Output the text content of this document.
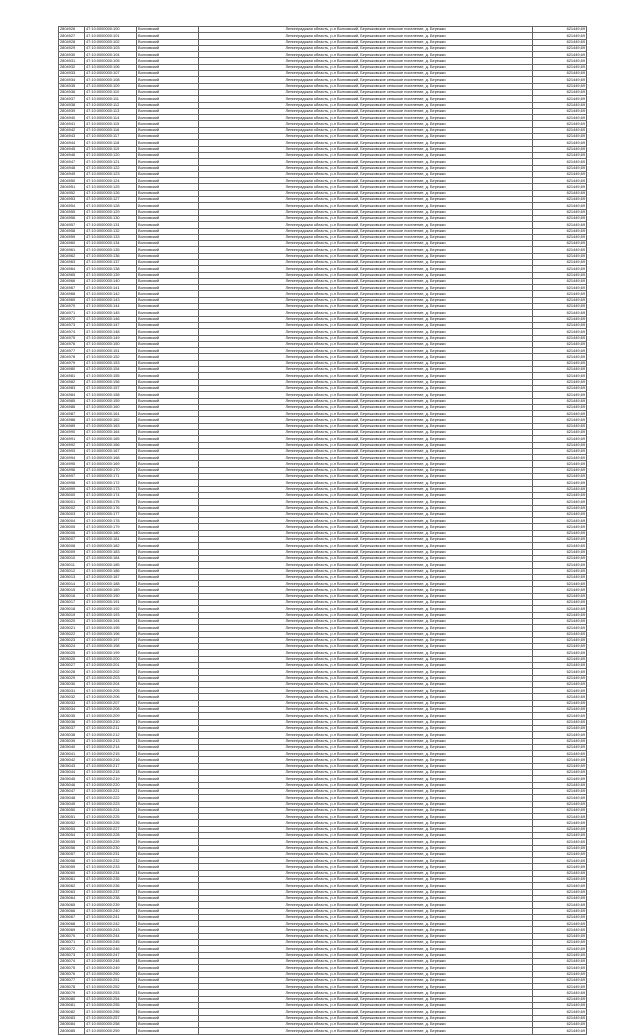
2804926	47:10:0000000:100	Волховский	Ленинградская область, р-н Волховский, Бережковское сельское поселение, д. Бережки	621449,69
2804927	47:10:0000000:101	Волховский	Ленинградская область, р-н Волховский, Бережковское сельское поселение, д. Бережки	621449,69
2804928	47:10:0000000:102	Волховский	Ленинградская область, р-н Волховский, Бережковское сельское поселение, д. Бережки	621449,69
2804929	47:10:0000000:103	Волховский	Ленинградская область, р-н Волховский, Бережковское сельское поселение, д. Бережки	621449,69
2804930	47:10:0000000:104	Волховский	Ленинградская область, р-н Волховский, Бережковское сельское поселение, д. Бережки	621449,69
2804931	47:10:0000000:105	Волховский	Ленинградская область, р-н Волховский, Бережковское сельское поселение, д. Бережки	621449,69
2804932	47:10:0000000:106	Волховский	Ленинградская область, р-н Волховский, Бережковское сельское поселение, д. Бережки	621449,69
2804933	47:10:0000000:107	Волховский	Ленинградская область, р-н Волховский, Бережковское сельское поселение, д. Бережки	621449,69
2804934	47:10:0000000:108	Волховский	Ленинградская область, р-н Волховский, Бережковское сельское поселение, д. Бережки	621449,69
2804935	47:10:0000000:109	Волховский	Ленинградская область, р-н Волховский, Бережковское сельское поселение, д. Бережки	621449,69
2804936	47:10:0000000:110	Волховский	Ленинградская область, р-н Волховский, Бережковское сельское поселение, д. Бережки	621449,69
2804937	47:10:0000000:111	Волховский	Ленинградская область, р-н Волховский, Бережковское сельское поселение, д. Бережки	621449,69
2804938	47:10:0000000:112	Волховский	Ленинградская область, р-н Волховский, Бережковское сельское поселение, д. Бережки	621449,69
2804939	47:10:0000000:113	Волховский	Ленинградская область, р-н Волховский, Бережковское сельское поселение, д. Бережки	621449,69
2804940	47:10:0000000:114	Волховский	Ленинградская область, р-н Волховский, Бережковское сельское поселение, д. Бережки	621449,69
2804941	47:10:0000000:115	Волховский	Ленинградская область, р-н Волховский, Бережковское сельское поселение, д. Бережки	621449,69
2804942	47:10:0000000:116	Волховский	Ленинградская область, р-н Волховский, Бережковское сельское поселение, д. Бережки	621449,69
2804943	47:10:0000000:117	Волховский	Ленинградская область, р-н Волховский, Бережковское сельское поселение, д. Бережки	621449,69
2804944	47:10:0000000:118	Волховский	Ленинградская область, р-н Волховский, Бережковское сельское поселение, д. Бережки	621449,69
2804945	47:10:0000000:119	Волховский	Ленинградская область, р-н Волховский, Бережковское сельское поселение, д. Бережки	621449,69
2804946	47:10:0000000:120	Волховский	Ленинградская область, р-н Волховский, Бережковское сельское поселение, д. Бережки	621449,69
2804947	47:10:0000000:121	Волховский	Ленинградская область, р-н Волховский, Бережковское сельское поселение, д. Бережки	621449,69
2804948	47:10:0000000:122	Волховский	Ленинградская область, р-н Волховский, Бережковское сельское поселение, д. Бережки	621449,69
2804949	47:10:0000000:123	Волховский	Ленинградская область, р-н Волховский, Бережковское сельское поселение, д. Бережки	621449,69
2804950	47:10:0000000:124	Волховский	Ленинградская область, р-н Волховский, Бережковское сельское поселение, д. Бережки	621449,69
2804951	47:10:0000000:125	Волховский	Ленинградская область, р-н Волховский, Бережковское сельское поселение, д. Бережки	621449,69
2804952	47:10:0000000:126	Волховский	Ленинградская область, р-н Волховский, Бережковское сельское поселение, д. Бережки	621449,69
2804953	47:10:0000000:127	Волховский	Ленинградская область, р-н Волховский, Бережковское сельское поселение, д. Бережки	621449,69
2804954	47:10:0000000:128	Волховский	Ленинградская область, р-н Волховский, Бережковское сельское поселение, д. Бережки	621449,69
2804955	47:10:0000000:129	Волховский	Ленинградская область, р-н Волховский, Бережковское сельское поселение, д. Бережки	621449,69
2804956	47:10:0000000:130	Волховский	Ленинградская область, р-н Волховский, Бережковское сельское поселение, д. Бережки	621449,69
2804957	47:10:0000000:131	Волховский	Ленинградская область, р-н Волховский, Бережковское сельское поселение, д. Бережки	621449,69
2804958	47:10:0000000:132	Волховский	Ленинградская область, р-н Волховский, Бережковское сельское поселение, д. Бережки	621449,69
2804959	47:10:0000000:133	Волховский	Ленинградская область, р-н Волховский, Бережковское сельское поселение, д. Бережки	621449,69
2804960	47:10:0000000:134	Волховский	Ленинградская область, р-н Волховский, Бережковское сельское поселение, д. Бережки	621449,69
2804961	47:10:0000000:135	Волховский	Ленинградская область, р-н Волховский, Бережковское сельское поселение, д. Бережки	621449,69
2804962	47:10:0000000:136	Волховский	Ленинградская область, р-н Волховский, Бережковское сельское поселение, д. Бережки	621449,69
2804963	47:10:0000000:137	Волховский	Ленинградская область, р-н Волховский, Бережковское сельское поселение, д. Бережки	621449,69
2804964	47:10:0000000:138	Волховский	Ленинградская область, р-н Волховский, Бережковское сельское поселение, д. Бережки	621449,69
2804965	47:10:0000000:139	Волховский	Ленинградская область, р-н Волховский, Бережковское сельское поселение, д. Бережки	621449,69
2804966	47:10:0000000:140	Волховский	Ленинградская область, р-н Волховский, Бережковское сельское поселение, д. Бережки	621449,69
2804967	47:10:0000000:141	Волховский	Ленинградская область, р-н Волховский, Бережковское сельское поселение, д. Бережки	621449,69
2804968	47:10:0000000:142	Волховский	Ленинградская область, р-н Волховский, Бережковское сельское поселение, д. Бережки	621449,69
2804969	47:10:0000000:143	Волховский	Ленинградская область, р-н Волховский, Бережковское сельское поселение, д. Бережки	621449,69
2804970	47:10:0000000:144	Волховский	Ленинградская область, р-н Волховский, Бережковское сельское поселение, д. Бережки	621449,69
2804971	47:10:0000000:145	Волховский	Ленинградская область, р-н Волховский, Бережковское сельское поселение, д. Бережки	621449,69
2804972	47:10:0000000:146	Волховский	Ленинградская область, р-н Волховский, Бережковское сельское поселение, д. Бережки	621449,69
2804973	47:10:0000000:147	Волховский	Ленинградская область, р-н Волховский, Бережковское сельское поселение, д. Бережки	621449,69
2804974	47:10:0000000:148	Волховский	Ленинградская область, р-н Волховский, Бережковское сельское поселение, д. Бережки	621449,69
2804975	47:10:0000000:149	Волховский	Ленинградская область, р-н Волховский, Бережковское сельское поселение, д. Бережки	621449,69
2804976	47:10:0000000:150	Волховский	Ленинградская область, р-н Волховский, Бережковское сельское поселение, д. Бережки	621449,69
2804977	47:10:0000000:151	Волховский	Ленинградская область, р-н Волховский, Бережковское сельское поселение, д. Бережки	621449,69
2804978	47:10:0000000:152	Волховский	Ленинградская область, р-н Волховский, Бережковское сельское поселение, д. Бережки	621449,69
2804979	47:10:0000000:153	Волховский	Ленинградская область, р-н Волховский, Бережковское сельское поселение, д. Бережки	621449,69
2804980	47:10:0000000:154	Волховский	Ленинградская область, р-н Волховский, Бережковское сельское поселение, д. Бережки	621449,69
2804981	47:10:0000000:155	Волховский	Ленинградская область, р-н Волховский, Бережковское сельское поселение, д. Бережки	621449,69
2804982	47:10:0000000:156	Волховский	Ленинградская область, р-н Волховский, Бережковское сельское поселение, д. Бережки	621449,69
2804983	47:10:0000000:157	Волховский	Ленинградская область, р-н Волховский, Бережковское сельское поселение, д. Бережки	621449,69
2804984	47:10:0000000:158	Волховский	Ленинградская область, р-н Волховский, Бережковское сельское поселение, д. Бережки	621449,69
2804985	47:10:0000000:159	Волховский	Ленинградская область, р-н Волховский, Бережковское сельское поселение, д. Бережки	621449,69
2804986	47:10:0000000:160	Волховский	Ленинградская область, р-н Волховский, Бережковское сельское поселение, д. Бережки	621449,69
2804987	47:10:0000000:161	Волховский	Ленинградская область, р-н Волховский, Бережковское сельское поселение, д. Бережки	621449,69
2804988	47:10:0000000:162	Волховский	Ленинградская область, р-н Волховский, Бережковское сельское поселение, д. Бережки	621449,69
2804989	47:10:0000000:163	Волховский	Ленинградская область, р-н Волховский, Бережковское сельское поселение, д. Бережки	621449,69
2804990	47:10:0000000:164	Волховский	Ленинградская область, р-н Волховский, Бережковское сельское поселение, д. Бережки	621449,69
2804991	47:10:0000000:165	Волховский	Ленинградская область, р-н Волховский, Бережковское сельское поселение, д. Бережки	621449,69
2804992	47:10:0000000:166	Волховский	Ленинградская область, р-н Волховский, Бережковское сельское поселение, д. Бережки	621449,69
2804993	47:10:0000000:167	Волховский	Ленинградская область, р-н Волховский, Бережковское сельское поселение, д. Бережки	621449,69
2804994	47:10:0000000:168	Волховский	Ленинградская область, р-н Волховский, Бережковское сельское поселение, д. Бережки	621449,69
2804995	47:10:0000000:169	Волховский	Ленинградская область, р-н Волховский, Бережковское сельское поселение, д. Бережки	621449,69
2804996	47:10:0000000:170	Волховский	Ленинградская область, р-н Волховский, Бережковское сельское поселение, д. Бережки	621449,69
2804997	47:10:0000000:171	Волховский	Ленинградская область, р-н Волховский, Бережковское сельское поселение, д. Бережки	621449,69
2804998	47:10:0000000:172	Волховский	Ленинградская область, р-н Волховский, Бережковское сельское поселение, д. Бережки	621449,69
2804999	47:10:0000000:173	Волховский	Ленинградская область, р-н Волховский, Бережковское сельское поселение, д. Бережки	621449,69
2805000	47:10:0000000:174	Волховский	Ленинградская область, р-н Волховский, Бережковское сельское поселение, д. Бережки	621449,69
2805001	47:10:0000000:175	Волховский	Ленинградская область, р-н Волховский, Бережковское сельское поселение, д. Бережки	621449,69
2805002	47:10:0000000:176	Волховский	Ленинградская область, р-н Волховский, Бережковское сельское поселение, д. Бережки	621449,69
2805003	47:10:0000000:177	Волховский	Ленинградская область, р-н Волховский, Бережковское сельское поселение, д. Бережки	621449,69
2805004	47:10:0000000:178	Волховский	Ленинградская область, р-н Волховский, Бережковское сельское поселение, д. Бережки	621449,69
2805005	47:10:0000000:179	Волховский	Ленинградская область, р-н Волховский, Бережковское сельское поселение, д. Бережки	621449,69
2805006	47:10:0000000:180	Волховский	Ленинградская область, р-н Волховский, Бережковское сельское поселение, д. Бережки	621449,69
2805007	47:10:0000000:181	Волховский	Ленинградская область, р-н Волховский, Бережковское сельское поселение, д. Бережки	621449,69
2805008	47:10:0000000:182	Волховский	Ленинградская область, р-н Волховский, Бережковское сельское поселение, д. Бережки	621449,69
2805009	47:10:0000000:183	Волховский	Ленинградская область, р-н Волховский, Бережковское сельское поселение, д. Бережки	621449,69
2805010	47:10:0000000:184	Волховский	Ленинградская область, р-н Волховский, Бережковское сельское поселение, д. Бережки	621449,69
2805011	47:10:0000000:185	Волховский	Ленинградская область, р-н Волховский, Бережковское сельское поселение, д. Бережки	621449,69
2805012	47:10:0000000:186	Волховский	Ленинградская область, р-н Волховский, Бережковское сельское поселение, д. Бережки	621449,69
2805013	47:10:0000000:187	Волховский	Ленинградская область, р-н Волховский, Бережковское сельское поселение, д. Бережки	621449,69
2805014	47:10:0000000:188	Волховский	Ленинградская область, р-н Волховский, Бережковское сельское поселение, д. Бережки	621449,69
2805015	47:10:0000000:189	Волховский	Ленинградская область, р-н Волховский, Бережковское сельское поселение, д. Бережки	621449,69
2805016	47:10:0000000:190	Волховский	Ленинградская область, р-н Волховский, Бережковское сельское поселение, д. Бережки	621449,69
2805017	47:10:0000000:191	Волховский	Ленинградская область, р-н Волховский, Бережковское сельское поселение, д. Бережки	621449,69
2805018	47:10:0000000:192	Волховский	Ленинградская область, р-н Волховский, Бережковское сельское поселение, д. Бережки	621449,69
2805019	47:10:0000000:193	Волховский	Ленинградская область, р-н Волховский, Бережковское сельское поселение, д. Бережки	621449,69
2805020	47:10:0000000:194	Волховский	Ленинградская область, р-н Волховский, Бережковское сельское поселение, д. Бережки	621449,69
2805021	47:10:0000000:195	Волховский	Ленинградская область, р-н Волховский, Бережковское сельское поселение, д. Бережки	621449,69
2805022	47:10:0000000:196	Волховский	Ленинградская область, р-н Волховский, Бережковское сельское поселение, д. Бережки	621449,69
2805023	47:10:0000000:197	Волховский	Ленинградская область, р-н Волховский, Бережковское сельское поселение, д. Бережки	621449,69
2805024	47:10:0000000:198	Волховский	Ленинградская область, р-н Волховский, Бережковское сельское поселение, д. Бережки	621449,69
2805025	47:10:0000000:199	Волховский	Ленинградская область, р-н Волховский, Бережковское сельское поселение, д. Бережки	621449,69
2805026	47:10:0000000:200	Волховский	Ленинградская область, р-н Волховский, Бережковское сельское поселение, д. Бережки	621449,69
2805027	47:10:0000000:201	Волховский	Ленинградская область, р-н Волховский, Бережковское сельское поселение, д. Бережки	621449,69
2805028	47:10:0000000:202	Волховский	Ленинградская область, р-н Волховский, Бережковское сельское поселение, д. Бережки	621449,69
2805029	47:10:0000000:203	Волховский	Ленинградская область, р-н Волховский, Бережковское сельское поселение, д. Бережки	621449,69
2805030	47:10:0000000:204	Волховский	Ленинградская область, р-н Волховский, Бережковское сельское поселение, д. Бережки	621449,69
2805031	47:10:0000000:205	Волховский	Ленинградская область, р-н Волховский, Бережковское сельское поселение, д. Бережки	621449,69
2805032	47:10:0000000:206	Волховский	Ленинградская область, р-н Волховский, Бережковское сельское поселение, д. Бережки	621449,69
2805033	47:10:0000000:207	Волховский	Ленинградская область, р-н Волховский, Бережковское сельское поселение, д. Бережки	621449,69
2805034	47:10:0000000:208	Волховский	Ленинградская область, р-н Волховский, Бережковское сельское поселение, д. Бережки	621449,69
2805035	47:10:0000000:209	Волховский	Ленинградская область, р-н Волховский, Бережковское сельское поселение, д. Бережки	621449,69
2805036	47:10:0000000:210	Волховский	Ленинградская область, р-н Волховский, Бережковское сельское поселение, д. Бережки	621449,69
2805037	47:10:0000000:211	Волховский	Ленинградская область, р-н Волховский, Бережковское сельское поселение, д. Бережки	621449,69
2805038	47:10:0000000:212	Волховский	Ленинградская область, р-н Волховский, Бережковское сельское поселение, д. Бережки	621449,69
2805039	47:10:0000000:213	Волховский	Ленинградская область, р-н Волховский, Бережковское сельское поселение, д. Бережки	621449,69
2805040	47:10:0000000:214	Волховский	Ленинградская область, р-н Волховский, Бережковское сельское поселение, д. Бережки	621449,69
2805041	47:10:0000000:215	Волховский	Ленинградская область, р-н Волховский, Бережковское сельское поселение, д. Бережки	621449,69
2805042	47:10:0000000:216	Волховский	Ленинградская область, р-н Волховский, Бережковское сельское поселение, д. Бережки	621449,69
2805043	47:10:0000000:217	Волховский	Ленинградская область, р-н Волховский, Бережковское сельское поселение, д. Бережки	621449,69
2805044	47:10:0000000:218	Волховский	Ленинградская область, р-н Волховский, Бережковское сельское поселение, д. Бережки	621449,69
2805045	47:10:0000000:219	Волховский	Ленинградская область, р-н Волховский, Бережковское сельское поселение, д. Бережки	621449,69
2805046	47:10:0000000:220	Волховский	Ленинградская область, р-н Волховский, Бережковское сельское поселение, д. Бережки	621449,69
2805047	47:10:0000000:221	Волховский	Ленинградская область, р-н Волховский, Бережковское сельское поселение, д. Бережки	621449,69
2805048	47:10:0000000:222	Волховский	Ленинградская область, р-н Волховский, Бережковское сельское поселение, д. Бережки	621449,69
2805049	47:10:0000000:223	Волховский	Ленинградская область, р-н Волховский, Бережковское сельское поселение, д. Бережки	621449,69
2805050	47:10:0000000:224	Волховский	Ленинградская область, р-н Волховский, Бережковское сельское поселение, д. Бережки	621449,69
2805051	47:10:0000000:225	Волховский	Ленинградская область, р-н Волховский, Бережковское сельское поселение, д. Бережки	621449,69
2805052	47:10:0000000:226	Волховский	Ленинградская область, р-н Волховский, Бережковское сельское поселение, д. Бережки	621449,69
2805053	47:10:0000000:227	Волховский	Ленинградская область, р-н Волховский, Бережковское сельское поселение, д. Бережки	621449,69
2805054	47:10:0000000:228	Волховский	Ленинградская область, р-н Волховский, Бережковское сельское поселение, д. Бережки	621449,69
2805055	47:10:0000000:229	Волховский	Ленинградская область, р-н Волховский, Бережковское сельское поселение, д. Бережки	621449,69
2805056	47:10:0000000:230	Волховский	Ленинградская область, р-н Волховский, Бережковское сельское поселение, д. Бережки	621449,69
2805057	47:10:0000000:231	Волховский	Ленинградская область, р-н Волховский, Бережковское сельское поселение, д. Бережки	621449,69
2805058	47:10:0000000:232	Волховский	Ленинградская область, р-н Волховский, Бережковское сельское поселение, д. Бережки	621449,69
2805059	47:10:0000000:233	Волховский	Ленинградская область, р-н Волховский, Бережковское сельское поселение, д. Бережки	621449,69
2805060	47:10:0000000:234	Волховский	Ленинградская область, р-н Волховский, Бережковское сельское поселение, д. Бережки	621449,69
2805061	47:10:0000000:235	Волховский	Ленинградская область, р-н Волховский, Бережковское сельское поселение, д. Бережки	621449,69
2805062	47:10:0000000:236	Волховский	Ленинградская область, р-н Волховский, Бережковское сельское поселение, д. Бережки	621449,69
2805063	47:10:0000000:237	Волховский	Ленинградская область, р-н Волховский, Бережковское сельское поселение, д. Бережки	621449,69
2805064	47:10:0000000:238	Волховский	Ленинградская область, р-н Волховский, Бережковское сельское поселение, д. Бережки	621449,69
2805065	47:10:0000000:239	Волховский	Ленинградская область, р-н Волховский, Бережковское сельское поселение, д. Бережки	621449,69
2805066	47:10:0000000:240	Волховский	Ленинградская область, р-н Волховский, Бережковское сельское поселение, д. Бережки	621449,69
2805067	47:10:0000000:241	Волховский	Ленинградская область, р-н Волховский, Бережковское сельское поселение, д. Бережки	621449,69
2805068	47:10:0000000:242	Волховский	Ленинградская область, р-н Волховский, Бережковское сельское поселение, д. Бережки	621449,69
2805069	47:10:0000000:243	Волховский	Ленинградская область, р-н Волховский, Бережковское сельское поселение, д. Бережки	621449,69
2805070	47:10:0000000:244	Волховский	Ленинградская область, р-н Волховский, Бережковское сельское поселение, д. Бережки	621449,69
2805071	47:10:0000000:245	Волховский	Ленинградская область, р-н Волховский, Бережковское сельское поселение, д. Бережки	621449,69
2805072	47:10:0000000:246	Волховский	Ленинградская область, р-н Волховский, Бережковское сельское поселение, д. Бережки	621449,69
2805073	47:10:0000000:247	Волховский	Ленинградская область, р-н Волховский, Бережковское сельское поселение, д. Бережки	621449,69
2805074	47:10:0000000:248	Волховский	Ленинградская область, р-н Волховский, Бережковское сельское поселение, д. Бережки	621449,69
2805075	47:10:0000000:249	Волховский	Ленинградская область, р-н Волховский, Бережковское сельское поселение, д. Бережки	621449,69
2805076	47:10:0000000:250	Волховский	Ленинградская область, р-н Волховский, Бережковское сельское поселение, д. Бережки	621449,69
2805077	47:10:0000000:251	Волховский	Ленинградская область, р-н Волховский, Бережковское сельское поселение, д. Бережки	621449,69
2805078	47:10:0000000:252	Волховский	Ленинградская область, р-н Волховский, Бережковское сельское поселение, д. Бережки	621449,69
2805079	47:10:0000000:253	Волховский	Ленинградская область, р-н Волховский, Бережковское сельское поселение, д. Бережки	621449,69
2805080	47:10:0000000:254	Волховский	Ленинградская область, р-н Волховский, Бережковское сельское поселение, д. Бережки	621449,69
2805081	47:10:0000000:255	Волховский	Ленинградская область, р-н Волховский, Бережковское сельское поселение, д. Бережки	621449,69
2805082	47:10:0000000:256	Волховский	Ленинградская область, р-н Волховский, Бережковское сельское поселение, д. Бережки	621449,69
2805083	47:10:0000000:257	Волховский	Ленинградская область, р-н Волховский, Бережковское сельское поселение, д. Бережки	621449,69
2805084	47:10:0000000:258	Волховский	Ленинградская область, р-н Волховский, Бережковское сельское поселение, д. Бережки	621449,69
2805085	47:10:0000000:259	Волховский	Ленинградская область, р-н Волховский, Бережковское сельское поселение, д. Бережки	621449,69
